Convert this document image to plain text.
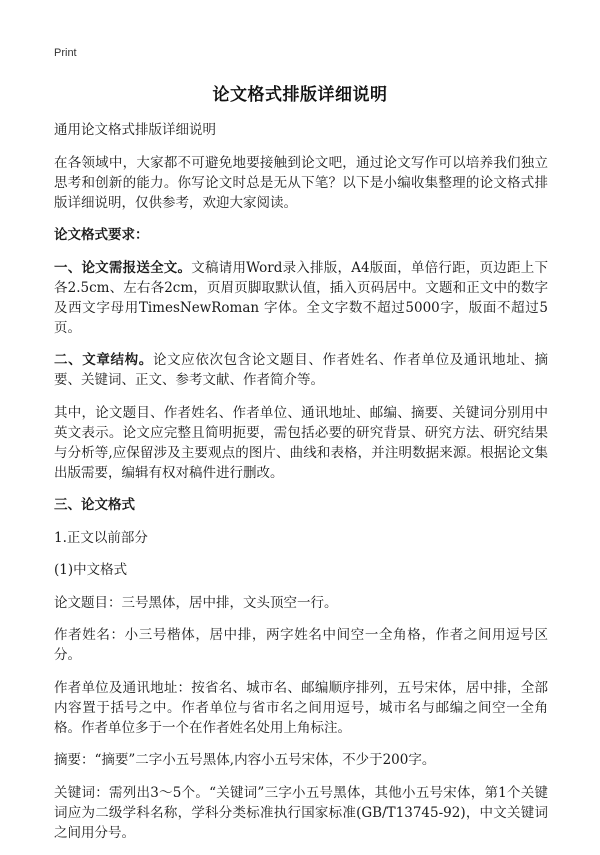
Print
论文格式排版详细说明

通用论文格式排版详细说明

在各领域中，大家都不可避免地要接触到论文吧，通过论文写作可以培养我们独立思考和创新的能力。你写论文时总是无从下笔？以下是小编收集整理的论文格式排版详细说明，仅供参考，欢迎大家阅读。

论文格式要求：

一、论文需报送全文。文稿请用Word录入排版，A4版面，单倍行距，页边距上下各2.5cm、左右各2cm，页眉页脚取默认值，插入页码居中。文题和正文中的数字及西文字母用TimesNewRoman 字体。全文字数不超过5000字，版面不超过5页。

二、文章结构。论文应依次包含论文题目、作者姓名、作者单位及通讯地址、摘要、关键词、正文、参考文献、作者简介等。

其中，论文题目、作者姓名、作者单位、通讯地址、邮编、摘要、关键词分别用中英文表示。论文应完整且简明扼要，需包括必要的研究背景、研究方法、研究结果与分析等,应保留涉及主要观点的图片、曲线和表格，并注明数据来源。根据论文集出版需要，编辑有权对稿件进行删改。

三、论文格式

1.正文以前部分

(1)中文格式

论文题目：三号黑体，居中排，文头顶空一行。

作者姓名：小三号楷体，居中排，两字姓名中间空一全角格，作者之间用逗号区分。

作者单位及通讯地址：按省名、城市名、邮编顺序排列，五号宋体，居中排，全部内容置于括号之中。作者单位与省市名之间用逗号，城市名与邮编之间空一全角格。作者单位多于一个在作者姓名处用上角标注。

摘要：“摘要”二字小五号黑体,内容小五号宋体，不少于200字。

关键词：需列出3～5个。“关键词”三字小五号黑体，其他小五号宋体，第1个关键词应为二级学科名称，学科分类标准执行国家标准(GB/T13745-92)，中文关键词之间用分号。
